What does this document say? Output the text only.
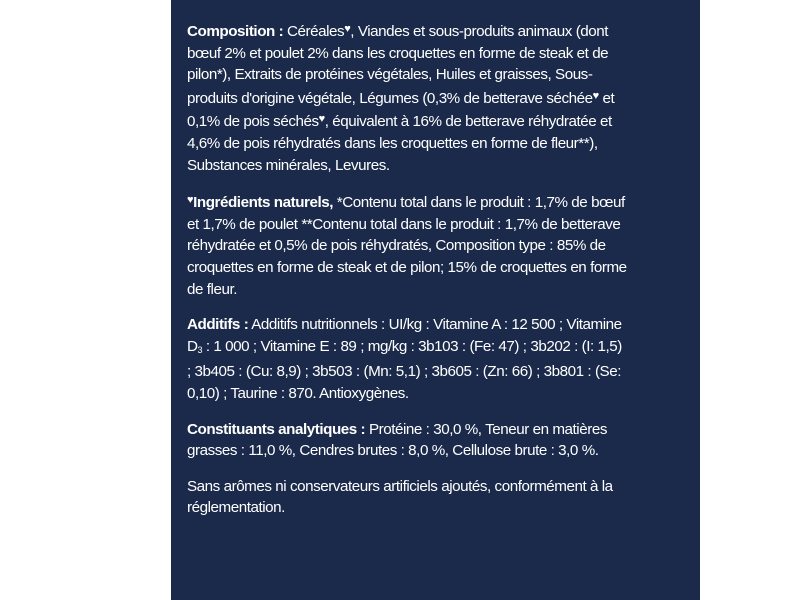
Composition : Céréales♥, Viandes et sous-produits animaux (dont bœuf 2% et poulet 2% dans les croquettes en forme de steak et de pilon*), Extraits de protéines végétales, Huiles et graisses, Sous-produits d'origine végétale, Légumes (0,3% de betterave séchée♥ et 0,1% de pois séchés♥, équivalent à 16% de betterave réhydratée et 4,6% de pois réhydratés dans les croquettes en forme de fleur**), Substances minérales, Levures.

♥Ingrédients naturels, *Contenu total dans le produit : 1,7% de bœuf et 1,7% de poulet **Contenu total dans le produit : 1,7% de betterave réhydratée et 0,5% de pois réhydratés, Composition type : 85% de croquettes en forme de steak et de pilon; 15% de croquettes en forme de fleur.

Additifs : Additifs nutritionnels : UI/kg : Vitamine A : 12 500 ; Vitamine $D_3$ : 1 000 ; Vitamine E : 89 ; mg/kg : 3b103 : (Fe: 47) ; 3b202 : (I: 1,5) ; 3b405 : (Cu: 8,9) ; 3b503 : (Mn: 5,1) ; 3b605 : (Zn: 66) ; 3b801 : (Se: 0,10) ; Taurine : 870. Antioxygènes.

Constituants analytiques : Protéine : 30,0 %, Teneur en matières grasses : 11,0 %, Cendres brutes : 8,0 %, Cellulose brute : 3,0 %.

Sans arômes ni conservateurs artificiels ajoutés, conformément à la réglementation.
